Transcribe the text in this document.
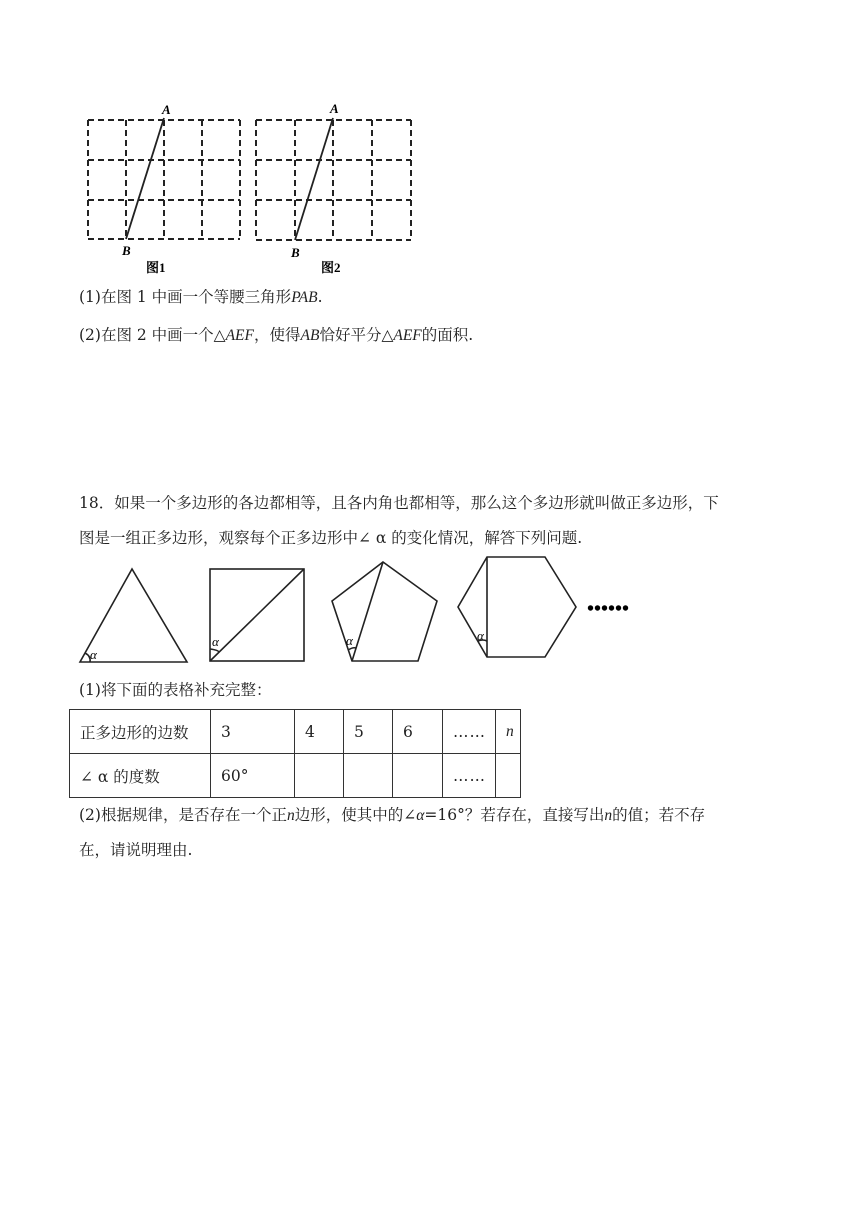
A
B
图1
A
B
图2
(1)在图 1 中画一个等腰三角形PAB.
(2)在图 2 中画一个△AEF，使得AB恰好平分△AEF的面积.
18．如果一个多边形的各边都相等，且各内角也都相等，那么这个多边形就叫做正多边形，下
图是一组正多边形，观察每个正多边形中∠ α 的变化情况，解答下列问题.
α
α	α	α
••••••
(1)将下面的表格补充完整：
正多边形的边数	3	4	5	6	……	n
∠ α 的度数	60°				……	
(2)根据规律，是否存在一个正n边形，使其中的∠α=16°？若存在，直接写出n的值；若不存
在，请说明理由.
